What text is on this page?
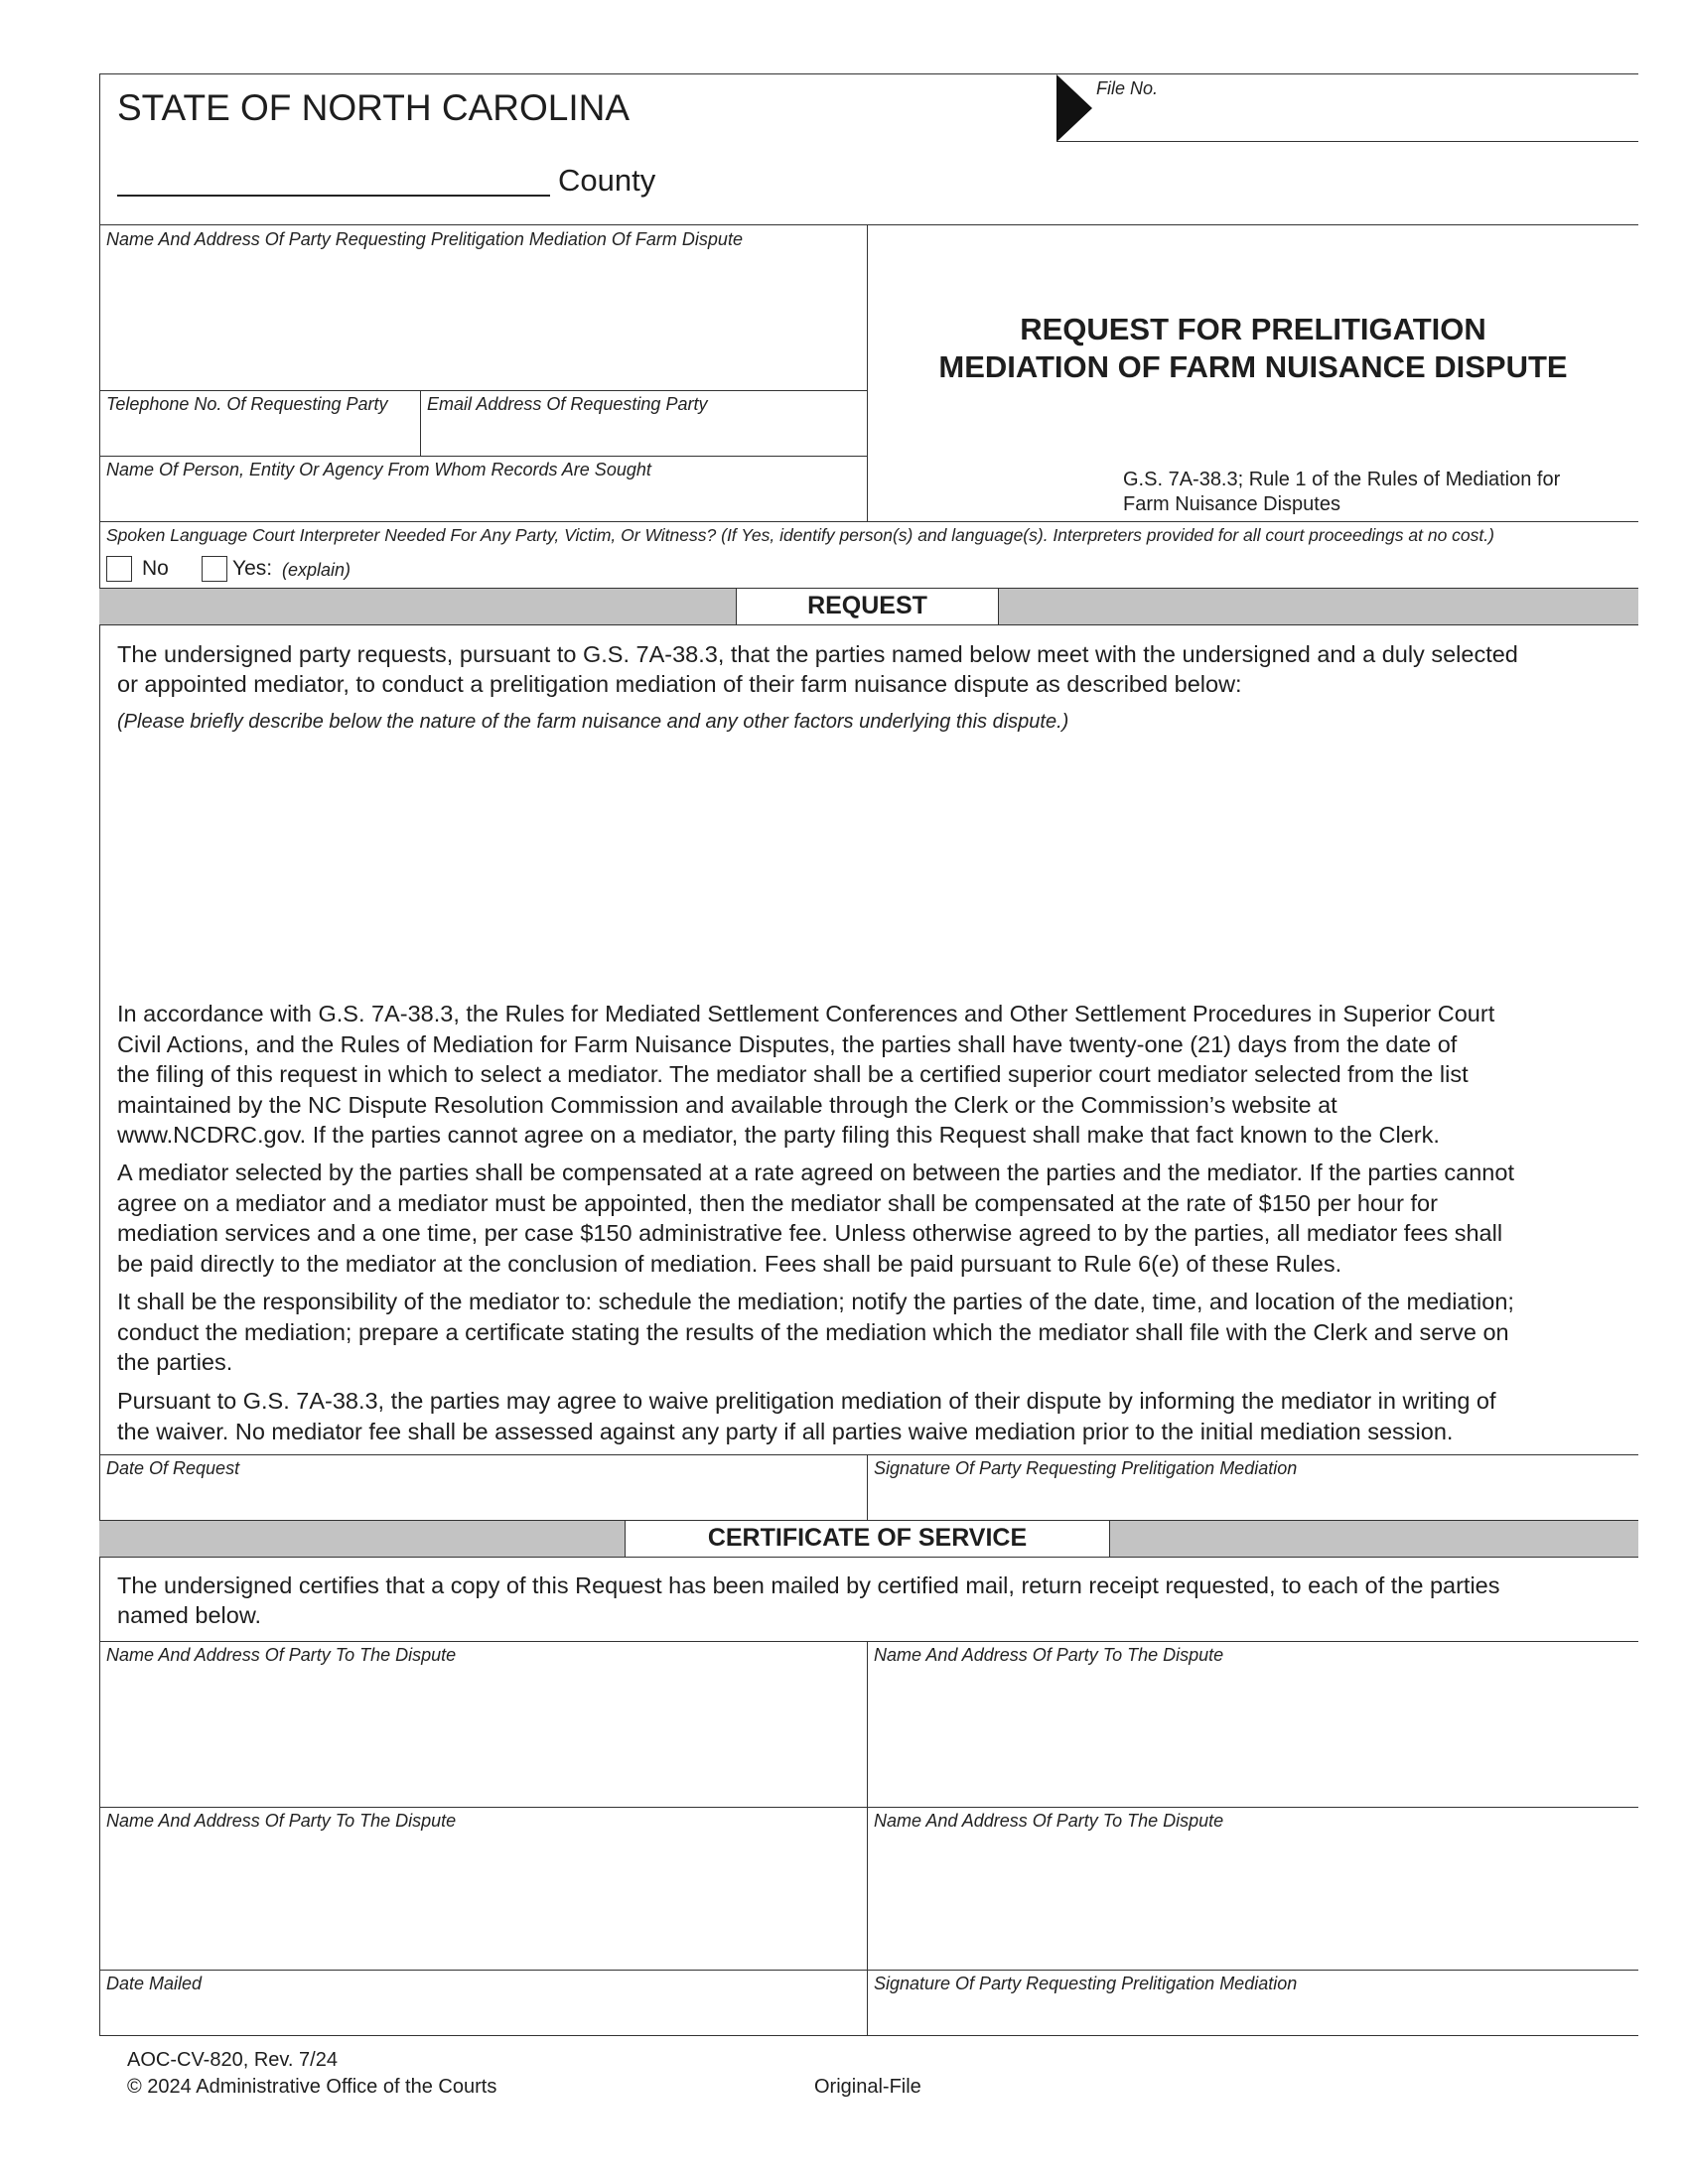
STATE OF NORTH CAROLINA
County
File No.
Name And Address Of Party Requesting Prelitigation Mediation Of Farm Dispute
Telephone No. Of Requesting Party Email Address Of Requesting Party
Name Of Person, Entity Or Agency From Whom Records Are Sought
REQUEST FOR PRELITIGATION
MEDIATION OF FARM NUISANCE DISPUTE
G.S. 7A-38.3; Rule 1 of the Rules of Mediation for
Farm Nuisance Disputes
Spoken Language Court Interpreter Needed For Any Party, Victim, Or Witness? (If Yes, identify person(s) and language(s). Interpreters provided for all court proceedings at no cost.)
No	Yes: (explain)
REQUEST
The undersigned party requests, pursuant to G.S. 7A-38.3, that the parties named below meet with the undersigned and a duly selected
or appointed mediator, to conduct a prelitigation mediation of their farm nuisance dispute as described below:
(Please briefly describe below the nature of the farm nuisance and any other factors underlying this dispute.)
In accordance with G.S. 7A-38.3, the Rules for Mediated Settlement Conferences and Other Settlement Procedures in Superior Court
Civil Actions, and the Rules of Mediation for Farm Nuisance Disputes, the parties shall have twenty-one (21) days from the date of
the filing of this request in which to select a mediator. The mediator shall be a certified superior court mediator selected from the list
maintained by the NC Dispute Resolution Commission and available through the Clerk or the Commission’s website at
www.NCDRC.gov. If the parties cannot agree on a mediator, the party filing this Request shall make that fact known to the Clerk.
A mediator selected by the parties shall be compensated at a rate agreed on between the parties and the mediator. If the parties cannot
agree on a mediator and a mediator must be appointed, then the mediator shall be compensated at the rate of $150 per hour for
mediation services and a one time, per case $150 administrative fee. Unless otherwise agreed to by the parties, all mediator fees shall
be paid directly to the mediator at the conclusion of mediation. Fees shall be paid pursuant to Rule 6(e) of these Rules.
It shall be the responsibility of the mediator to: schedule the mediation; notify the parties of the date, time, and location of the mediation;
conduct the mediation; prepare a certificate stating the results of the mediation which the mediator shall file with the Clerk and serve on
the parties.
Pursuant to G.S. 7A-38.3, the parties may agree to waive prelitigation mediation of their dispute by informing the mediator in writing of
the waiver. No mediator fee shall be assessed against any party if all parties waive mediation prior to the initial mediation session.
Date Of Request	Signature Of Party Requesting Prelitigation Mediation
CERTIFICATE OF SERVICE
The undersigned certifies that a copy of this Request has been mailed by certified mail, return receipt requested, to each of the parties
named below.
Name And Address Of Party To The Dispute	Name And Address Of Party To The Dispute
Name And Address Of Party To The Dispute	Name And Address Of Party To The Dispute
Date Mailed	Signature Of Party Requesting Prelitigation Mediation
AOC-CV-820, Rev. 7/24
© 2024 Administrative Office of the Courts	Original-File
